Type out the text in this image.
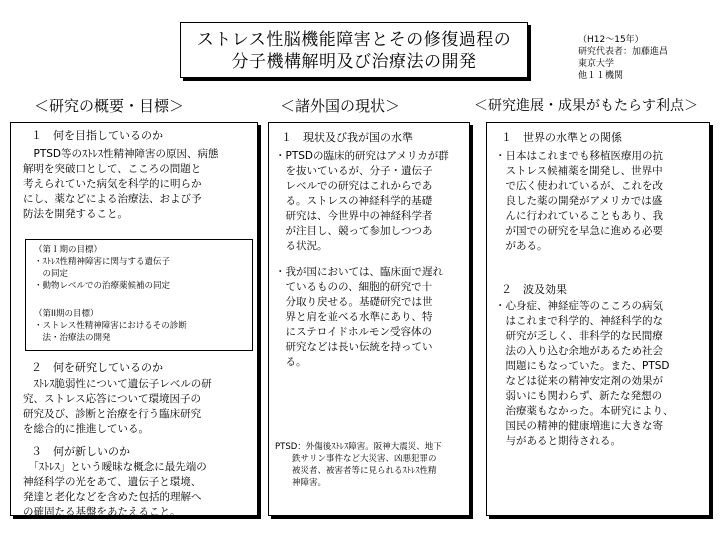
ストレス性脳機能障害とその修復過程の
分子機構解明及び治療法の開発
（H12～15年）
研究代表者：加藤進昌
東京大学
他１１機関
＜研究の概要・目標＞	＜諸外国の現状＞	＜研究進展・成果がもたらす利点＞
１　何を目指しているのか
　PTSD等のｽﾄﾚｽ性精神障害の原因、病態
解明を突破口として、こころの問題と
考えられていた病気を科学的に明らか
にし、薬などによる治療法、および予
防法を開発すること。
（第Ｉ期の目標）
・ｽﾄﾚｽ性精神障害に関与する遺伝子
　の同定
・動物レベルでの治療薬候補の同定
（第II期の目標）
・ストレス性精神障害におけるその診断
　法・治療法の開発
２　何を研究しているのか
　ｽﾄﾚｽ脆弱性について遺伝子レベルの研
究、ストレス応答について環境因子の
研究及び、診断と治療を行う臨床研究
を総合的に推進している。
３　何が新しいのか
　「ｽﾄﾚｽ」という曖昧な概念に最先端の
神経科学の光をあて、遺伝子と環境、
発達と老化などを含めた包括的理解へ
の確固たる基盤をあたえること。
１　現状及び我が国の水準
・PTSDの臨床的研究はアメリカが群
　を抜いているが、分子・遺伝子
　レベルでの研究はこれからであ
　る。ストレスの神経科学的基礎
　研究は、今世界中の神経科学者
　が注目し、競って参加しつつあ
　る状況。
・我が国においては、臨床面で遅れ
　ているものの、細胞的研究で十
　分取り戻せる。基礎研究では世
　界と肩を並べる水準にあり、特
　にステロイドホルモン受容体の
　研究などは長い伝統を持ってい
　る。
PTSD：外傷後ｽﾄﾚｽ障害。阪神大震災、地下
　　鉄サリン事件など大災害、凶悪犯罪の
　　被災者、被害者等に見られるｽﾄﾚｽ性精
　　神障害。
１　世界の水準との関係
・日本はこれまでも移植医療用の抗
　ストレス候補薬を開発し、世界中
　で広く使われているが、これを改
　良した薬の開発がアメリカでは盛
　んに行われていることもあり、我
　が国での研究を早急に進める必要
　がある。
２　波及効果
・心身症、神経症等のこころの病気
　はこれまで科学的、神経科学的な
　研究が乏しく、非科学的な民間療
　法の入り込む余地があるため社会
　問題にもなっていた。また、PTSD
　などは従来の精神安定剤の効果が
　弱いにも関わらず、新たな発想の
　治療薬もなかった。本研究により、
　国民の精神的健康増進に大きな寄
　与があると期待される。
